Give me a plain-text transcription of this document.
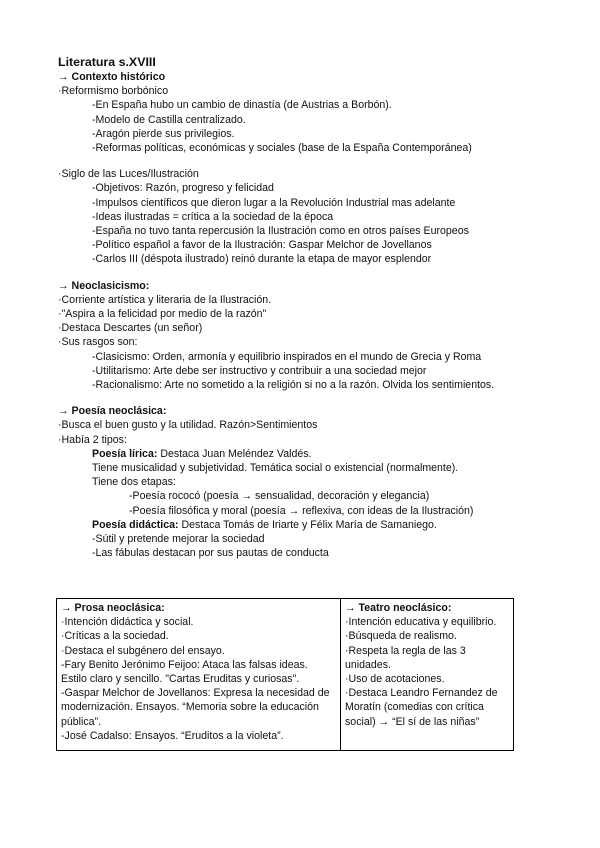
Literatura s.XVIII
→ Contexto histórico
·Reformismo borbónico
-En España hubo un cambio de dinastía (de Austrias a Borbón).
-Modelo de Castilla centralizado.
-Aragón pierde sus privilegios.
-Reformas políticas, económicas y sociales (base de la España Contemporánea)
·Siglo de las Luces/Ilustración
-Objetivos: Razón, progreso y felicidad
-Impulsos científicos que dieron lugar a la Revolución Industrial mas adelante
-Ideas ilustradas = crítica a la sociedad de la época
-España no tuvo tanta repercusión la Ilustración como en otros países Europeos
-Político español a favor de la Ilustración: Gaspar Melchor de Jovellanos
-Carlos III (déspota ilustrado) reinó durante la etapa de mayor esplendor
→ Neoclasicismo:
·Corriente artística y literaria de la Ilustración.
·"Aspira a la felicidad por medio de la razón"
·Destaca Descartes (un señor)
·Sus rasgos son:
-Clasicismo: Orden, armonía y equilibrio inspirados en el mundo de Grecia y Roma
-Utilitarismo: Arte debe ser instructivo y contribuir a una sociedad mejor
-Racionalismo: Arte no sometido a la religión si no a la razón. Olvida los sentimientos.
→ Poesía neoclásica:
·Busca el buen gusto y la utilidad. Razón>Sentimientos
·Había 2 tipos:
Poesía lírica: Destaca Juan Meléndez Valdés.
Tiene musicalidad y subjetividad. Temática social o existencial (normalmente).
Tiene dos etapas:
-Poesía rococó (poesía → sensualidad, decoración y elegancia)
-Poesía filosófica y moral (poesía → reflexiva, con ideas de la Ilustración)
Poesía didáctica: Destaca Tomás de Iriarte y Félix María de Samaniego.
-Sútil y pretende mejorar la sociedad
-Las fábulas destacan por sus pautas de conducta
→ Prosa neoclásica:
·Intención didáctica y social.
·Críticas a la sociedad.
·Destaca el subgénero del ensayo.
-Fary Benito Jerónimo Feijoo: Ataca las falsas ideas. Estilo claro y sencillo. "Cartas Eruditas y curiosas".
-Gaspar Melchor de Jovellanos: Expresa la necesidad de modernización. Ensayos. “Memoria sobre la educación pública”.
-José Cadalso: Ensayos. “Eruditos a la violeta”.

→ Teatro neoclásico:
·Intención educativa y equilibrio.
·Búsqueda de realismo.
·Respeta la regla de las 3 unidades.
·Uso de acotaciones.
·Destaca Leandro Fernandez de Moratín (comedias con crítica social) → “El sí de las niñas”
